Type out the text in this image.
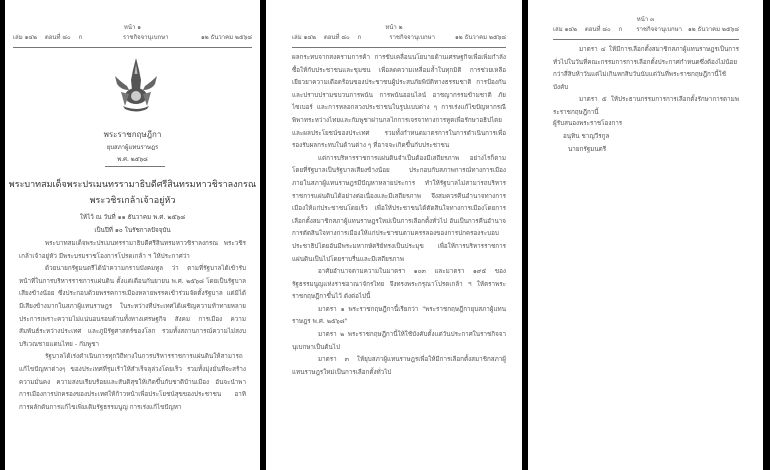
หน้า ๑
เล่ม ๑๔๒ ตอนที่ ๘๐ ก	ราชกิจจานุเบกษา	๑๒ ธันวาคม ๒๕๖๘
พระราชกฤษฎีกา
ยุบสภาผู้แทนราษฎร
พ.ศ. ๒๕๖๘
พระบาทสมเด็จพระปรเมนทรรามาธิบดีศรีสินทรมหาวชิราลงกรณ
พระวชิรเกล้าเจ้าอยู่หัว
ให้ไว้ ณ วันที่ ๑๑ ธันวาคม พ.ศ. ๒๕๖๘
เป็นปีที่ ๑๐ ในรัชกาลปัจจุบัน

พระบาทสมเด็จพระปรเมนทรรามาธิบดีศรีสินทรมหาวชิราลงกรณ พระวชิรเกล้าเจ้าอยู่หัว มีพระบรมราชโองการโปรดเกล้า ฯ ให้ประกาศว่า

ด้วยนายกรัฐมนตรีได้นำความกราบบังคมทูล ว่า ตามที่รัฐบาลได้เข้ารับหน้าที่ในการบริหารราชการแผ่นดิน ตั้งแต่เดือนกันยายน พ.ศ. ๒๕๖๘ โดยเป็นรัฐบาลเสียงข้างน้อย ซึ่งประกอบด้วยพรรคการเมืองหลายพรรคเข้าร่วมจัดตั้งรัฐบาล แต่มิได้มีเสียงข้างมากในสภาผู้แทนราษฎร ในระหว่างที่ประเทศได้เผชิญความท้าทายหลายประการเพราะความไม่แน่นอนรอบด้านทั้งทางเศรษฐกิจ สังคม การเมือง ความสัมพันธ์ระหว่างประเทศ และภูมิรัฐศาสตร์ของโลก รวมทั้งสถานการณ์ความไม่สงบบริเวณชายแดนไทย - กัมพูชา

รัฐบาลได้เร่งดำเนินการทุกวิถีทางในการบริหารราชการแผ่นดินให้สามารถแก้ไขปัญหาต่างๆ ของประเทศที่รุมเร้าให้สำเร็จลุล่วงโดยเร็ว รวมทั้งมุ่งมั่นที่จะสร้างความมั่นคง ความสงบเรียบร้อยและสันติสุขให้เกิดขึ้นกับชาติบ้านเมือง อันจะนำพาการเมืองการปกครองของประเทศให้ก้าวหน้าเพื่อประโยชน์สุขของประชาชน อาทิ การผลักดันการแก้ไขเพิ่มเติมรัฐธรรมนูญ การเร่งแก้ไขปัญหา

หน้า ๒
เล่ม ๑๔๒ ตอนที่ ๘๐ ก	ราชกิจจานุเบกษา	๑๒ ธันวาคม ๒๕๖๘

ผลกระทบจากสงครามการค้า การขับเคลื่อนนโยบายด้านเศรษฐกิจเพื่อเพิ่มกำลังซื้อให้กับประชาชนและชุมชน เพื่อลดความเหลื่อมล้ำในทุกมิติ การช่วยเหลือเยียวยาความเดือดร้อนของประชาชนผู้ประสบภัยพิบัติทางธรรมชาติ การป้องกันและปราบปรามขบวนการพนัน การพนันออนไลน์ อาชญากรรมข้ามชาติ ภัยไซเบอร์ และการหลอกลวงประชาชนในรูปแบบต่าง ๆ การเร่งแก้ไขปัญหากรณีพิพาทระหว่างไทยและกัมพูชาผ่านกลไกการเจรจาทางการทูตเพื่อรักษาอธิปไตยและผลประโยชน์ของประเทศ รวมทั้งกำหนดมาตรการในการดำเนินการเพื่อรองรับผลกระทบในด้านต่าง ๆ ที่อาจจะเกิดขึ้นกับประชาชน

แต่การบริหารราชการแผ่นดินจำเป็นต้องมีเสถียรภาพ อย่างไรก็ตาม โดยที่รัฐบาลเป็นรัฐบาลเสียงข้างน้อย ประกอบกับสภาพการณ์ทางการเมืองภายในสภาผู้แทนราษฎรมีปัญหาหลายประการ ทำให้รัฐบาลไม่สามารถบริหารราชการแผ่นดินได้อย่างต่อเนื่องและมีเสถียรภาพ จึงสมควรคืนอำนาจทางการเมืองให้แก่ประชาชนโดยเร็ว เพื่อให้ประชาชนได้ตัดสินใจทางการเมืองโดยการเลือกตั้งสมาชิกสภาผู้แทนราษฎรใหม่เป็นการเลือกตั้งทั่วไป อันเป็นการคืนอำนาจการตัดสินใจทางการเมืองให้แก่ประชาชนตามครรลองของการปกครองระบอบประชาธิปไตยอันมีพระมหากษัตริย์ทรงเป็นประมุข เพื่อให้การบริหารราชการแผ่นดินเป็นไปโดยราบรื่นและมีเสถียรภาพ

อาศัยอำนาจตามความในมาตรา ๑๐๓ และมาตรา ๑๙๕ ของรัฐธรรมนูญแห่งราชอาณาจักรไทย จึงทรงพระกรุณาโปรดเกล้า ฯ ให้ตราพระราชกฤษฎีกาขึ้นไว้ ดังต่อไปนี้

มาตรา ๑ พระราชกฤษฎีกานี้เรียกว่า "พระราชกฤษฎีกายุบสภาผู้แทนราษฎร พ.ศ. ๒๕๖๘"

มาตรา ๒ พระราชกฤษฎีกานี้ให้ใช้บังคับตั้งแต่วันประกาศในราชกิจจานุเบกษาเป็นต้นไป

มาตรา ๓ ให้ยุบสภาผู้แทนราษฎรเพื่อให้มีการเลือกตั้งสมาชิกสภาผู้แทนราษฎรใหม่เป็นการเลือกตั้งทั่วไป

หน้า ๓
เล่ม ๑๔๒ ตอนที่ ๘๐ ก	ราชกิจจานุเบกษา ๑๒ ธันวาคม ๒๕๖๘

มาตรา ๔ ให้มีการเลือกตั้งสมาชิกสภาผู้แทนราษฎรเป็นการทั่วไปในวันที่คณะกรรมการการเลือกตั้งประกาศกำหนดซึ่งต้องไม่น้อยกว่าสี่สิบห้าวันแต่ไม่เกินหกสิบวันนับแต่วันที่พระราชกฤษฎีกานี้ใช้บังคับ

มาตรา ๕ ให้ประธานกรรมการการเลือกตั้งรักษาการตามพระราชกฤษฎีกานี้

ผู้รับสนองพระราชโองการ
อนุทิน ชาญวีรกูล
นายกรัฐมนตรี
